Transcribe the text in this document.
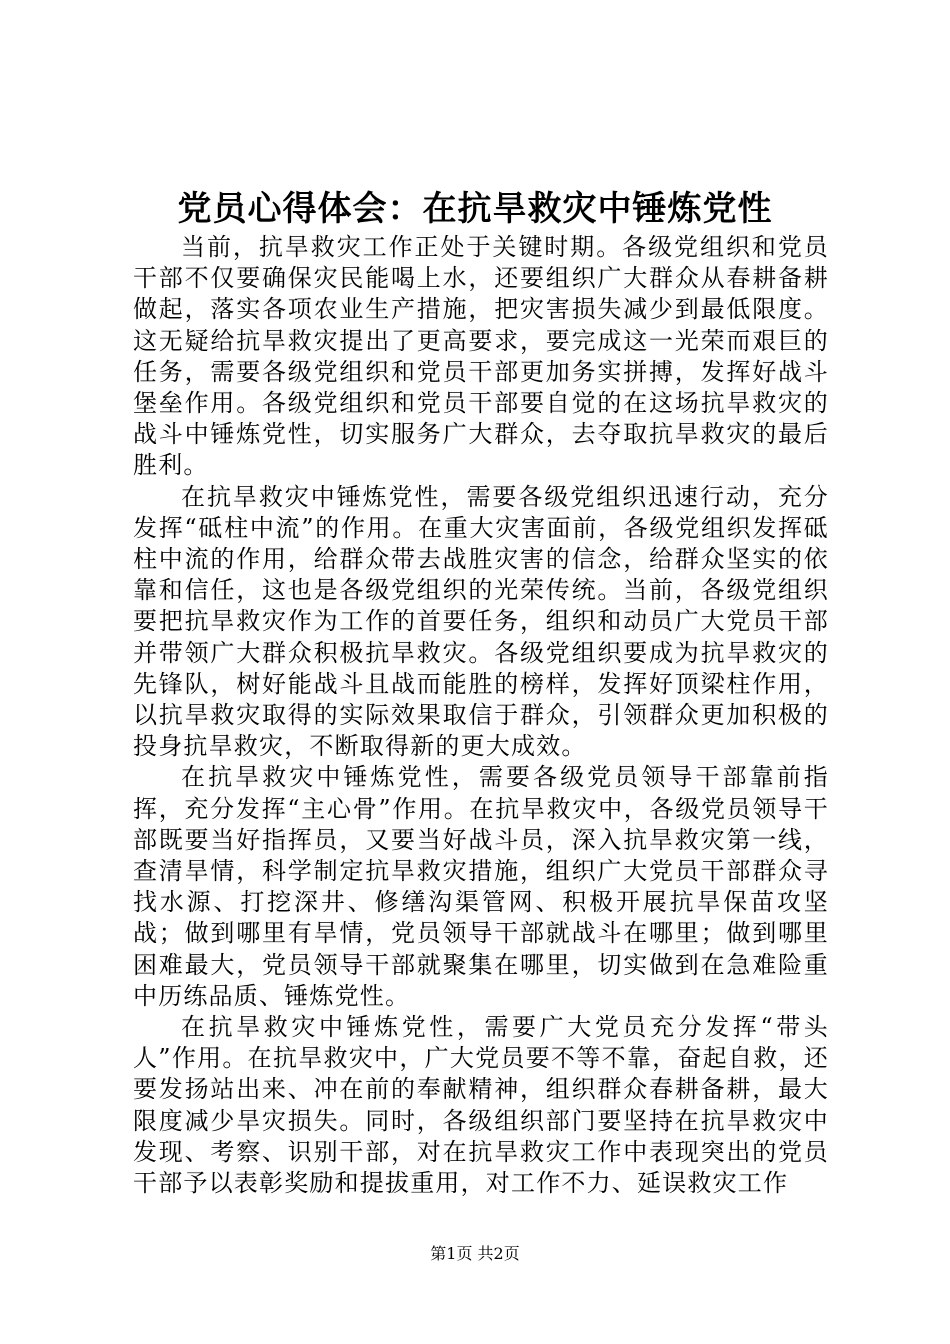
党员心得体会：在抗旱救灾中锤炼党性

当前，抗旱救灾工作正处于关键时期。各级党组织和党员干部不仅要确保灾民能喝上水，还要组织广大群众从春耕备耕做起，落实各项农业生产措施，把灾害损失减少到最低限度。这无疑给抗旱救灾提出了更高要求，要完成这一光荣而艰巨的任务，需要各级党组织和党员干部更加务实拼搏，发挥好战斗堡垒作用。各级党组织和党员干部要自觉的在这场抗旱救灾的战斗中锤炼党性，切实服务广大群众，去夺取抗旱救灾的最后胜利。

在抗旱救灾中锤炼党性，需要各级党组织迅速行动，充分发挥“砥柱中流”的作用。在重大灾害面前，各级党组织发挥砥柱中流的作用，给群众带去战胜灾害的信念，给群众坚实的依靠和信任，这也是各级党组织的光荣传统。当前，各级党组织要把抗旱救灾作为工作的首要任务，组织和动员广大党员干部并带领广大群众积极抗旱救灾。各级党组织要成为抗旱救灾的先锋队，树好能战斗且战而能胜的榜样，发挥好顶梁柱作用，以抗旱救灾取得的实际效果取信于群众，引领群众更加积极的投身抗旱救灾，不断取得新的更大成效。

在抗旱救灾中锤炼党性，需要各级党员领导干部靠前指挥，充分发挥“主心骨”作用。在抗旱救灾中，各级党员领导干部既要当好指挥员，又要当好战斗员，深入抗旱救灾第一线，查清旱情，科学制定抗旱救灾措施，组织广大党员干部群众寻找水源、打挖深井、修缮沟渠管网、积极开展抗旱保苗攻坚战；做到哪里有旱情，党员领导干部就战斗在哪里；做到哪里困难最大，党员领导干部就聚集在哪里，切实做到在急难险重中历练品质、锤炼党性。

在抗旱救灾中锤炼党性，需要广大党员充分发挥“带头人”作用。在抗旱救灾中，广大党员要不等不靠，奋起自救，还要发扬站出来、冲在前的奉献精神，组织群众春耕备耕，最大限度减少旱灾损失。同时，各级组织部门要坚持在抗旱救灾中发现、考察、识别干部，对在抗旱救灾工作中表现突出的党员干部予以表彰奖励和提拔重用，对工作不力、延误救灾工作

第1页 共2页
